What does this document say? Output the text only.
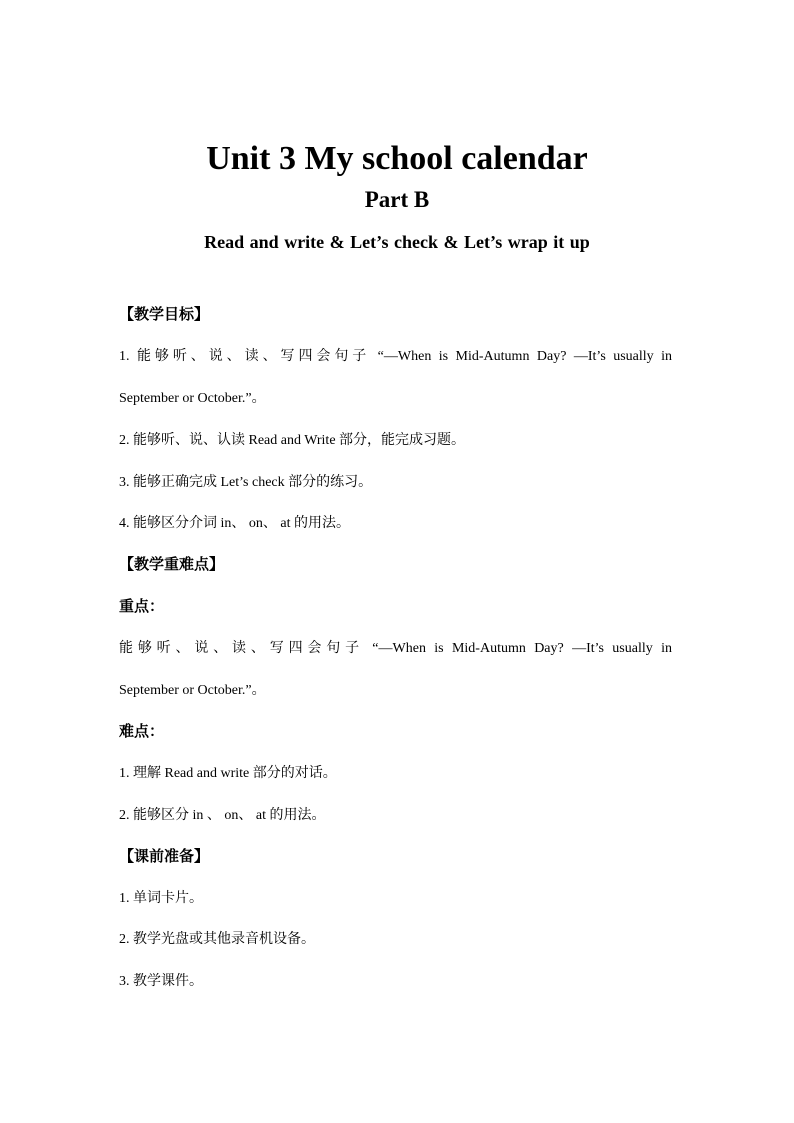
Unit 3 My school calendar
Part B
Read and write & Let’s check & Let’s wrap it up
【教学目标】
1. 能够听、说、读、写四会句子 “—When is Mid-Autumn Day? —It’s usually in
September or October.”。
2. 能够听、说、认读 Read and Write 部分，能完成习题。
3. 能够正确完成 Let’s check 部分的练习。
4. 能够区分介词 in、 on、 at 的用法。
【教学重难点】
重点：
能够听、说、读、写四会句子 “—When is Mid-Autumn Day? —It’s usually in
September or October.”。
难点：
1. 理解 Read and write 部分的对话。
2. 能够区分 in 、 on、 at 的用法。
【课前准备】
1. 单词卡片。
2. 教学光盘或其他录音机设备。
3. 教学课件。
